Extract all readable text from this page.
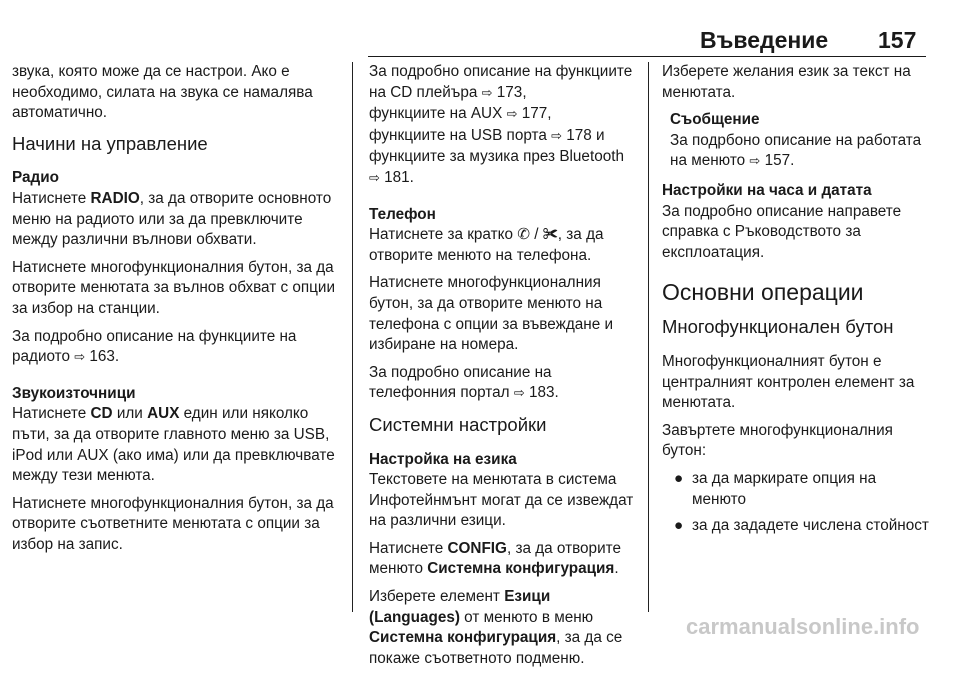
Въведение 157

звука, която може да се настрои. Ако е необходимо, силата на звука се намалява автоматично.

Начини на управление
Радио

Натиснете RADIO, за да отворите основното меню на радиото или за да превключите между различни вълнови обхвати.

Натиснете многофункционалния бутон, за да отворите менютата за вълнов обхват с опции за избор на станции.

За подробно описание на функциите на радиото ⇨ 163.

Звукоизточници

Натиснете CD или AUX един или няколко пъти, за да отворите главното меню за USB, iPod или AUX (ако има) или да превключвате между тези менюта.

Натиснете многофункционалния бутон, за да отворите съответните менютата с опции за избор на запис.

За подробно описание на функциите на CD плейъра ⇨ 173,
функциите на AUX ⇨ 177,
функциите на USB порта ⇨ 178 и
функциите за музика през Bluetooth ⇨ 181.

Телефон

Натиснете за кратко ✆ / ✀, за да отворите менюто на телефона.

Натиснете многофункционалния бутон, за да отворите менюто на телефона с опции за въвеждане и избиране на номера.

За подробно описание на телефонния портал ⇨ 183.

Системни настройки
Настройка на езика

Текстовете на менютата в система Инфотейнмънт могат да се извеждат на различни езици.

Натиснете CONFIG, за да отворите менюто Системна конфигурация.

Изберете елемент Езици (Languages) от менюто в меню Системна конфигурация, за да се покаже съответното подменю.

Изберете желания език за текст на менютата.

Съобщение
За подрбоно описание на работата на менюто ⇨ 157.
Настройки на часа и датата

За подробно описание направете справка с Ръководството за експлоатация.

Основни операции
Многофункционален бутон

Многофункционалният бутон е централният контролен елемент за менютата.

Завъртете многофункционалния бутон:

● за да маркирате опция на менюто
● за да зададете числена стойност
carmanualsonline.info
